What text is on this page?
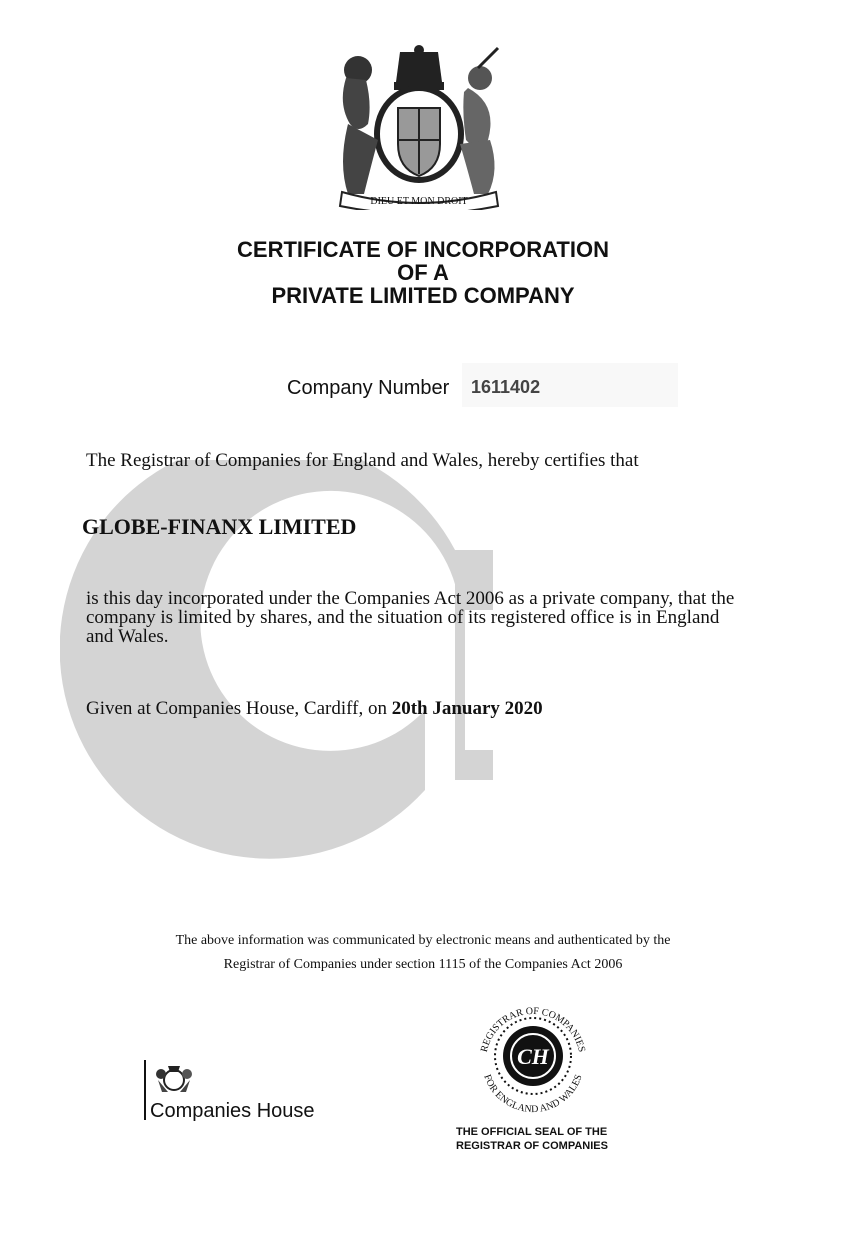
DIEU ET MON DROIT
CERTIFICATE OF INCORPORATION
OF A
PRIVATE LIMITED COMPANY
Company Number 1611402
The Registrar of Companies for England and Wales, hereby certifies that
GLOBE-FINANX LIMITED
is this day incorporated under the Companies Act 2006 as a private company, that the
company is limited by shares, and the situation of its registered office is in England
and Wales.
Given at Companies House, Cardiff, on 20th January 2020
The above information was communicated by electronic means and authenticated by the
Registrar of Companies under section 1115 of the Companies Act 2006
Companies House
CH
REGISTRAR OF COMPANIES
FOR ENGLAND AND WALES
THE OFFICIAL SEAL OF THE
REGISTRAR OF COMPANIES
